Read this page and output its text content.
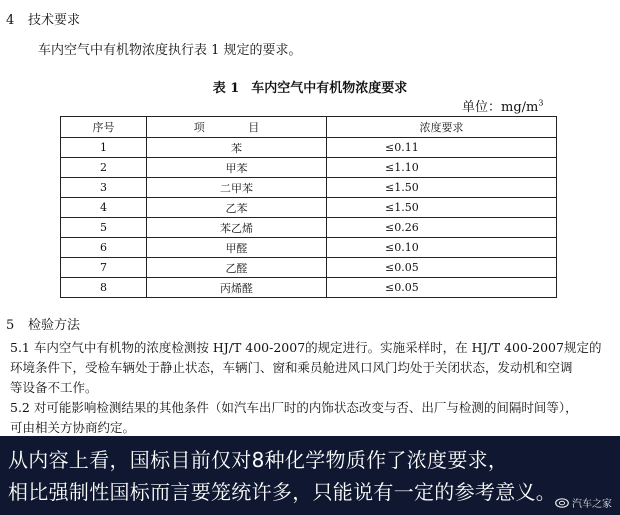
4 技术要求
车内空气中有机物浓度执行表 1 规定的要求。
表 1 车内空气中有机物浓度要求
单位：$mg/m^3$
序号	项 目	浓度要求
1	苯	≤0.11
2	甲苯	≤1.10
3	二甲苯	≤1.50
4	乙苯	≤1.50
5	苯乙烯	≤0.26
6	甲醛	≤0.10
7	乙醛	≤0.05
8	丙烯醛	≤0.05
5 检验方法
5.1 车内空气中有机物的浓度检测按 HJ/T 400-2007的规定进行。实施采样时，在 HJ/T 400-2007规定的
环境条件下，受检车辆处于静止状态，车辆门、窗和乘员舱进风口风门均处于关闭状态，发动机和空调
等设备不工作。
5.2 对可能影响检测结果的其他条件（如汽车出厂时的内饰状态改变与否、出厂与检测的间隔时间等），
可由相关方协商约定。
从内容上看，国标目前仅对8种化学物质作了浓度要求，
相比强制性国标而言要笼统许多，只能说有一定的参考意义。
汽车之家
